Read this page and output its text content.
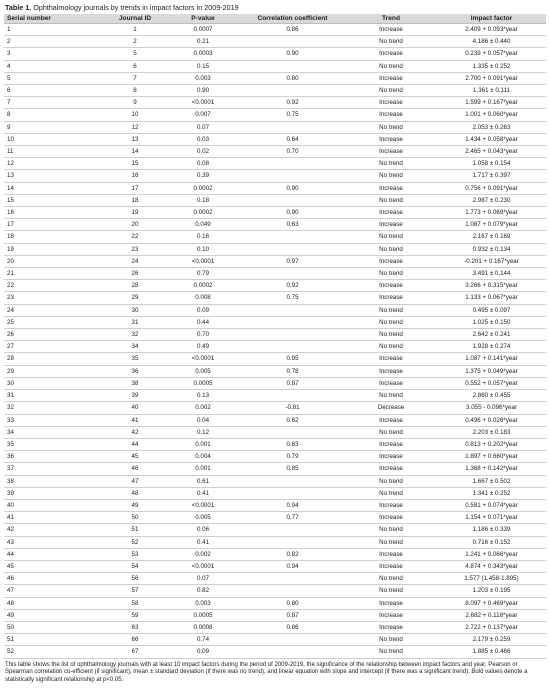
Table 1. Ophthalmology journals by trends in impact factors in 2009-2019
Serial number	Journal ID	P-value	Correlation coefficient	Trend	Impact factor
1	1	0.0007	0.86	Increase	2.409 + 0.093*year
2	2	0.21		No trend	4.186 ± 0.440
3	5	0.0003	0.90	Increase	0.239 + 0.057*year
4	6	0.15		No trend	1.335 ± 0.252
5	7	0.003	0.80	Increase	2.700 + 0.091*year
6	8	0.90		No trend	1.361 ± 0.111
7	9	<0.0001	0.92	Increase	1.599 + 0.167*year
8	10	0.007	0.75	Increase	1.001 + 0.060*year
9	12	0.07		No trend	2.053 ± 0.263
10	13	0.03	0.64	Increase	1.434 + 0.058*year
11	14	0.02	0.70	Increase	2.465 + 0.043*year
12	15	0.08		No trend	1.058 ± 0.154
13	16	0.39		No trend	1.717 ± 0.397
14	17	0.0002	0.90	Increase	0.756 + 0.091*year
15	18	0.18		No trend	2.987 ± 0.230
16	19	0.0002	0.90	Increase	1.773 + 0.069*year
17	20	0.049	0.63	Increase	1.087 + 0.079*year
18	22	0.16		No trend	2.167 ± 0.169
19	23	0.10		No trend	0.932 ± 0.134
20	24	<0.0001	0.97	Increase	-0.201 + 0.167*year
21	26	0.79		No trend	3.491 ± 0.144
22	28	0.0002	0.92	Increase	3.266 + 0.315*year
23	29	0.008	0.75	Increase	1.133 + 0.067*year
24	30	0.09		No trend	0.495 ± 0.097
25	31	0.44		No trend	1.025 ± 0.150
26	32	0.70		No trend	2.642 ± 0.241
27	34	0.49		No trend	1.928 ± 0.274
28	35	<0.0001	0.95	Increase	1.087 + 0.141*year
29	36	0.005	0.78	Increase	1.375 + 0.049*year
30	38	0.0005	0.87	Increase	0.552 + 0.057*year
31	39	0.13		No trend	2.860 ± 0.455
32	40	0.002	-0.81	Decrease	3.055 - 0.096*year
33	41	0.04	0.62	Increase	0.496 + 0.026*year
34	42	0.12		No trend	2.203 ± 0.183
35	44	0.001	0.83	Increase	0.813 + 0.202*year
36	45	0.004	0.79	Increase	1.897 + 0.660*year
37	46	0.001	0.85	Increase	1.368 + 0.142*year
38	47	0.61		No trend	1.667 ± 0.502
39	48	0.41		No trend	1.341 ± 0.252
40	49	<0.0001	0.94	Increase	0.581 + 0.074*year
41	50	0.005	0.77	Increase	1.154 + 0.071*year
42	51	0.06		No trend	1.186 ± 0.339
43	52	0.41		No trend	0.716 ± 0.152
44	53	0.002	0.82	Increase	1.241 + 0.066*year
45	54	<0.0001	0.94	Increase	4.874 + 0.343*year
46	56	0.07		No trend	1.577 (1.458-1.895)
47	57	0.82		No trend	1.203 ± 0.195
48	58	0.003	0.80	Increase	8.097 + 0.469*year
49	59	0.0005	0.87	Increase	2.682 + 0.118*year
50	63	0.0008	0.86	Increase	2.722 + 0.137*year
51	66	0.74		No trend	2.179 ± 0.259
52	67	0.09		No trend	1.885 ± 0.466
This table shows the list of ophthalmology journals with at least 10 impact factors during the period of 2009-2019, the significance of the relationship between impact factors and year, Pearson or Spearman correlation co-efficient (if significant), mean ± standard deviation (if there was no trend), and linear equation with slope and intercept (if there was a significant trend). Bold values denote a statistically significant relationship at p<0.05.
